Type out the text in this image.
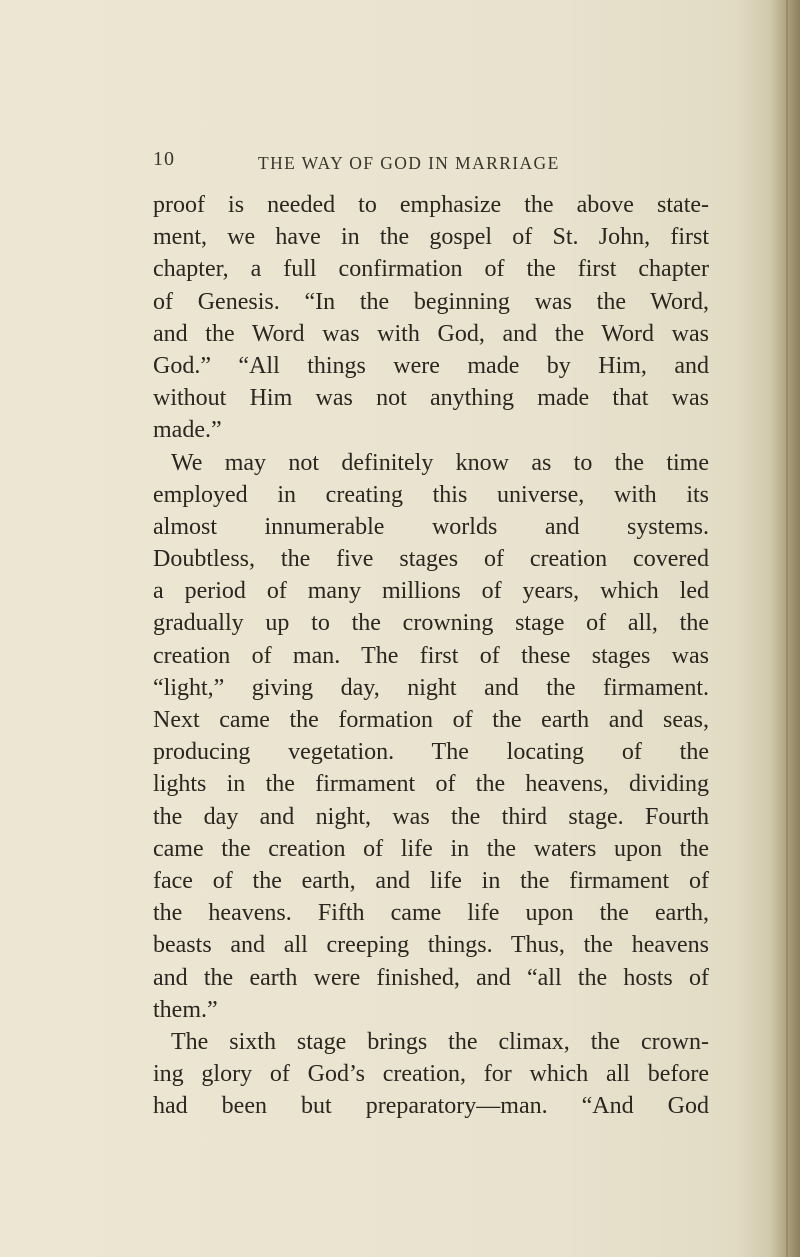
10	THE WAY OF GOD IN MARRIAGE
proof is needed to emphasize the above state-
ment, we have in the gospel of St. John, first
chapter, a full confirmation of the first chapter
of Genesis. “In the beginning was the Word,
and the Word was with God, and the Word was
God.” “All things were made by Him, and
without Him was not anything made that was
made.”
We may not definitely know as to the time
employed in creating this universe, with its
almost innumerable worlds and systems.
Doubtless, the five stages of creation covered
a period of many millions of years, which led
gradually up to the crowning stage of all, the
creation of man. The first of these stages was
“light,” giving day, night and the firmament.
Next came the formation of the earth and seas,
producing vegetation. The locating of the
lights in the firmament of the heavens, dividing
the day and night, was the third stage. Fourth
came the creation of life in the waters upon the
face of the earth, and life in the firmament of
the heavens. Fifth came life upon the earth,
beasts and all creeping things. Thus, the heavens
and the earth were finished, and “all the hosts of
them.”
The sixth stage brings the climax, the crown-
ing glory of God’s creation, for which all before
had been but preparatory—man. “And God
